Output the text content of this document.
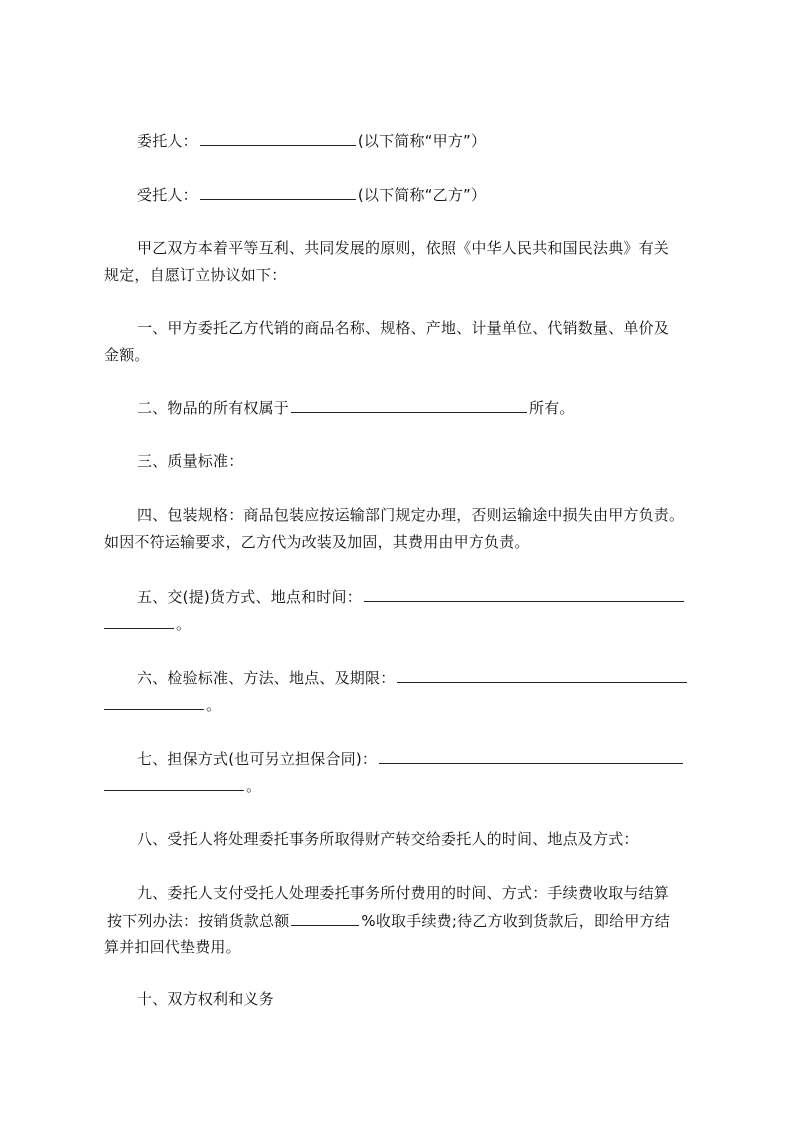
委托人：	(以下简称“甲方”）
受托人：	(以下简称“乙方”）
甲乙双方本着平等互利、共同发展的原则，依照《中华人民共和国民法典》有关
规定，自愿订立协议如下：
一、甲方委托乙方代销的商品名称、规格、产地、计量单位、代销数量、单价及
金额。
二、物品的所有权属于	所有。
三、质量标准：
四、包装规格：商品包装应按运输部门规定办理，否则运输途中损失由甲方负责。
如因不符运输要求，乙方代为改装及加固，其费用由甲方负责。
五、交(提)货方式、地点和时间：
。
六、检验标准、方法、地点、及期限：
。
七、担保方式(也可另立担保合同)：
。
八、受托人将处理委托事务所取得财产转交给委托人的时间、地点及方式：
九、委托人支付受托人处理委托事务所付费用的时间、方式：手续费收取与结算
按下列办法：按销货款总额	%收取手续费;待乙方收到货款后，即给甲方结
算并扣回代垫费用。
十、双方权利和义务
